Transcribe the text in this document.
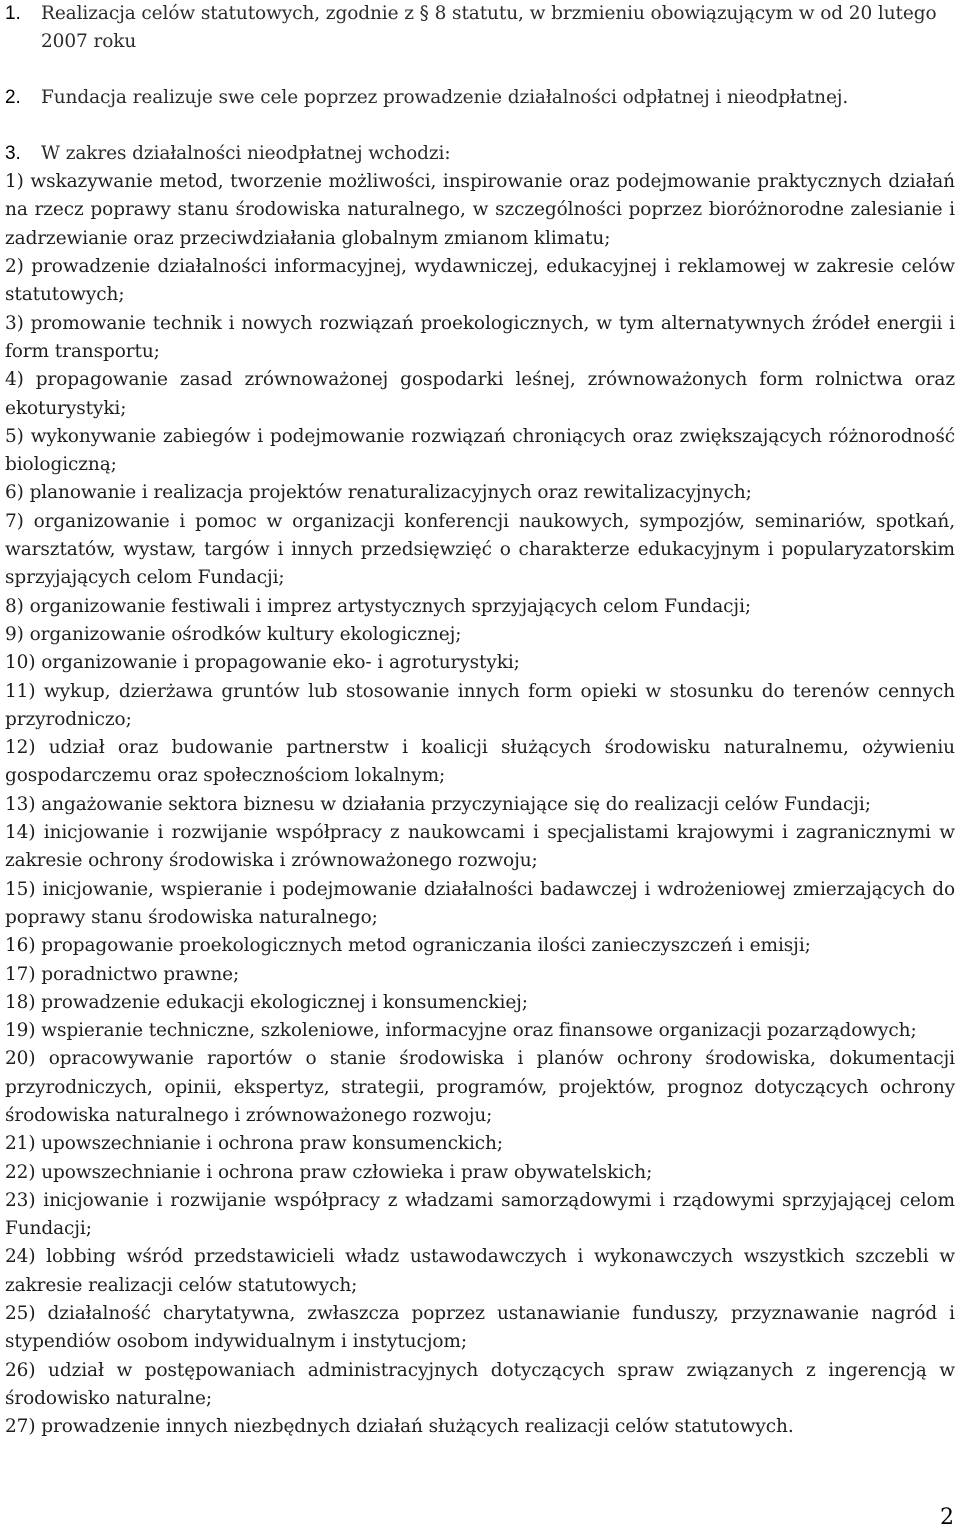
1.	Realizacja celów statutowych, zgodnie z § 8 statutu, w brzmieniu obowiązującym w od 20 lutego 2007 roku
2.	Fundacja realizuje swe cele poprzez prowadzenie działalności odpłatnej i nieodpłatnej.
3.	W zakres działalności nieodpłatnej wchodzi:

1) wskazywanie metod, tworzenie możliwości, inspirowanie oraz podejmowanie praktycznych działań na rzecz poprawy stanu środowiska naturalnego, w szczególności poprzez bioróżnorodne zalesianie i zadrzewianie oraz przeciwdziałania globalnym zmianom klimatu;

2) prowadzenie działalności informacyjnej, wydawniczej, edukacyjnej i reklamowej w zakresie celów statutowych;

3) promowanie technik i nowych rozwiązań proekologicznych, w tym alternatywnych źródeł energii i form transportu;

4) propagowanie zasad zrównoważonej gospodarki leśnej, zrównoważonych form rolnictwa oraz ekoturystyki;

5) wykonywanie zabiegów i podejmowanie rozwiązań chroniących oraz zwiększających różnorodność biologiczną;

6) planowanie i realizacja projektów renaturalizacyjnych oraz rewitalizacyjnych;

7) organizowanie i pomoc w organizacji konferencji naukowych, sympozjów, seminariów, spotkań, warsztatów, wystaw, targów i innych przedsięwzięć o charakterze edukacyjnym i popularyzatorskim sprzyjających celom Fundacji;

8) organizowanie festiwali i imprez artystycznych sprzyjających celom Fundacji;

9) organizowanie ośrodków kultury ekologicznej;

10) organizowanie i propagowanie eko- i agroturystyki;

11) wykup, dzierżawa gruntów lub stosowanie innych form opieki w stosunku do terenów cennych przyrodniczo;

12) udział oraz budowanie partnerstw i koalicji służących środowisku naturalnemu, ożywieniu gospodarczemu oraz społecznościom lokalnym;

13) angażowanie sektora biznesu w działania przyczyniające się do realizacji celów Fundacji;

14) inicjowanie i rozwijanie współpracy z naukowcami i specjalistami krajowymi i zagranicznymi w zakresie ochrony środowiska i zrównoważonego rozwoju;

15) inicjowanie, wspieranie i podejmowanie działalności badawczej i wdrożeniowej zmierzających do poprawy stanu środowiska naturalnego;

16) propagowanie proekologicznych metod ograniczania ilości zanieczyszczeń i emisji;

17) poradnictwo prawne;

18) prowadzenie edukacji ekologicznej i konsumenckiej;

19) wspieranie techniczne, szkoleniowe, informacyjne oraz finansowe organizacji pozarządowych;

20) opracowywanie raportów o stanie środowiska i planów ochrony środowiska, dokumentacji przyrodniczych, opinii, ekspertyz, strategii, programów, projektów, prognoz dotyczących ochrony środowiska naturalnego i zrównoważonego rozwoju;

21) upowszechnianie i ochrona praw konsumenckich;

22) upowszechnianie i ochrona praw człowieka i praw obywatelskich;

23) inicjowanie i rozwijanie współpracy z władzami samorządowymi i rządowymi sprzyjającej celom Fundacji;

24) lobbing wśród przedstawicieli władz ustawodawczych i wykonawczych wszystkich szczebli w zakresie realizacji celów statutowych;

25) działalność charytatywna, zwłaszcza poprzez ustanawianie funduszy, przyznawanie nagród i stypendiów osobom indywidualnym i instytucjom;

26) udział w postępowaniach administracyjnych dotyczących spraw związanych z ingerencją w środowisko naturalne;

27) prowadzenie innych niezbędnych działań służących realizacji celów statutowych.

2
